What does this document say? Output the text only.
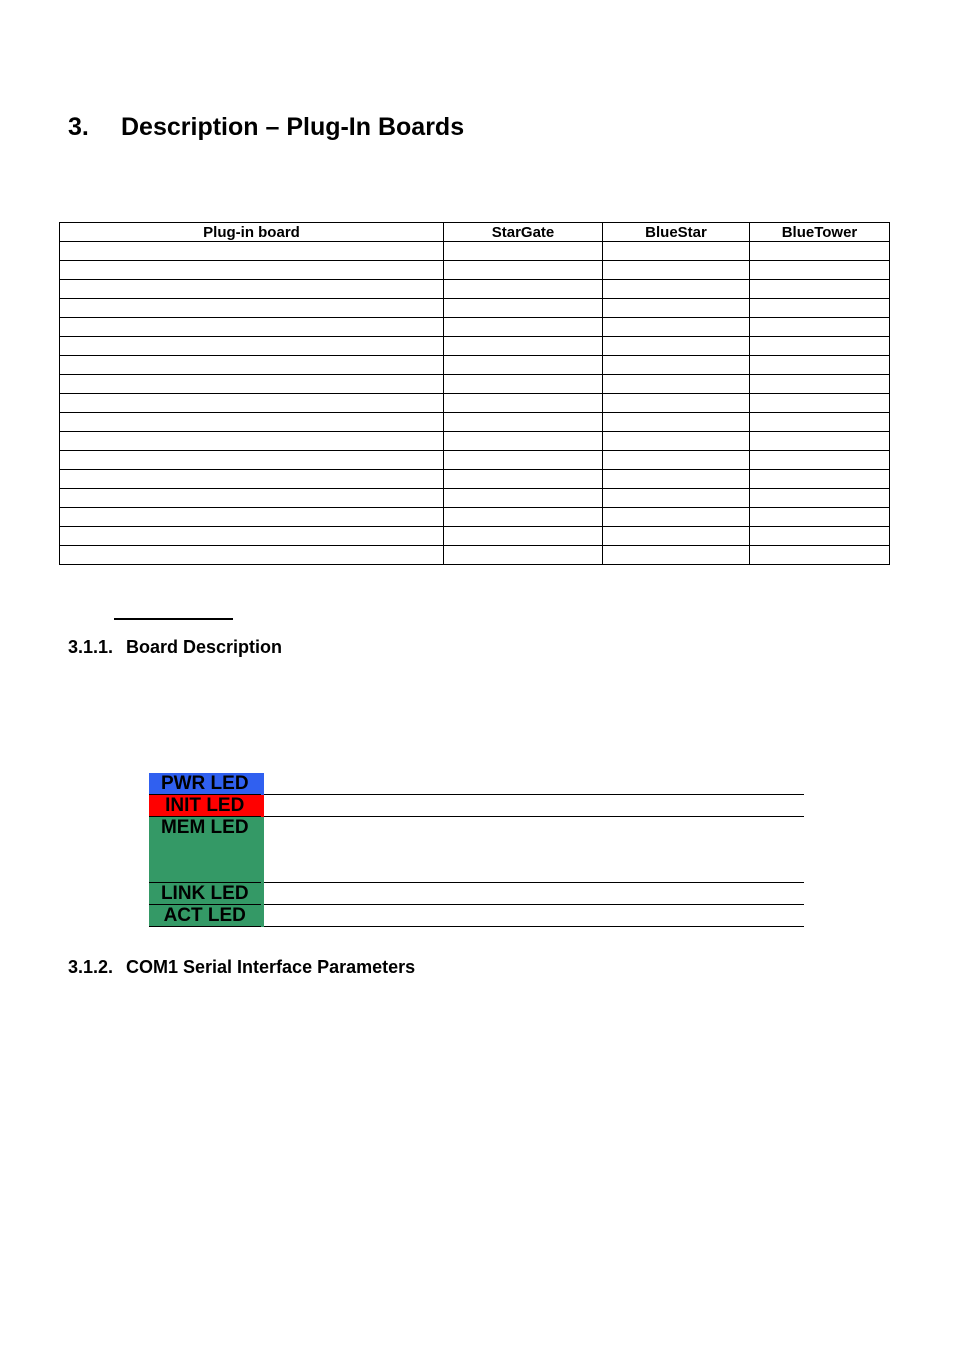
3.	Description – Plug-In Boards
Plug-in board	StarGate	BlueStar	BlueTower

3.1.1. Board Description
PWR LED	
INIT LED	
MEM LED	
LINK LED	
ACT LED	
3.1.2. COM1 Serial Interface Parameters
